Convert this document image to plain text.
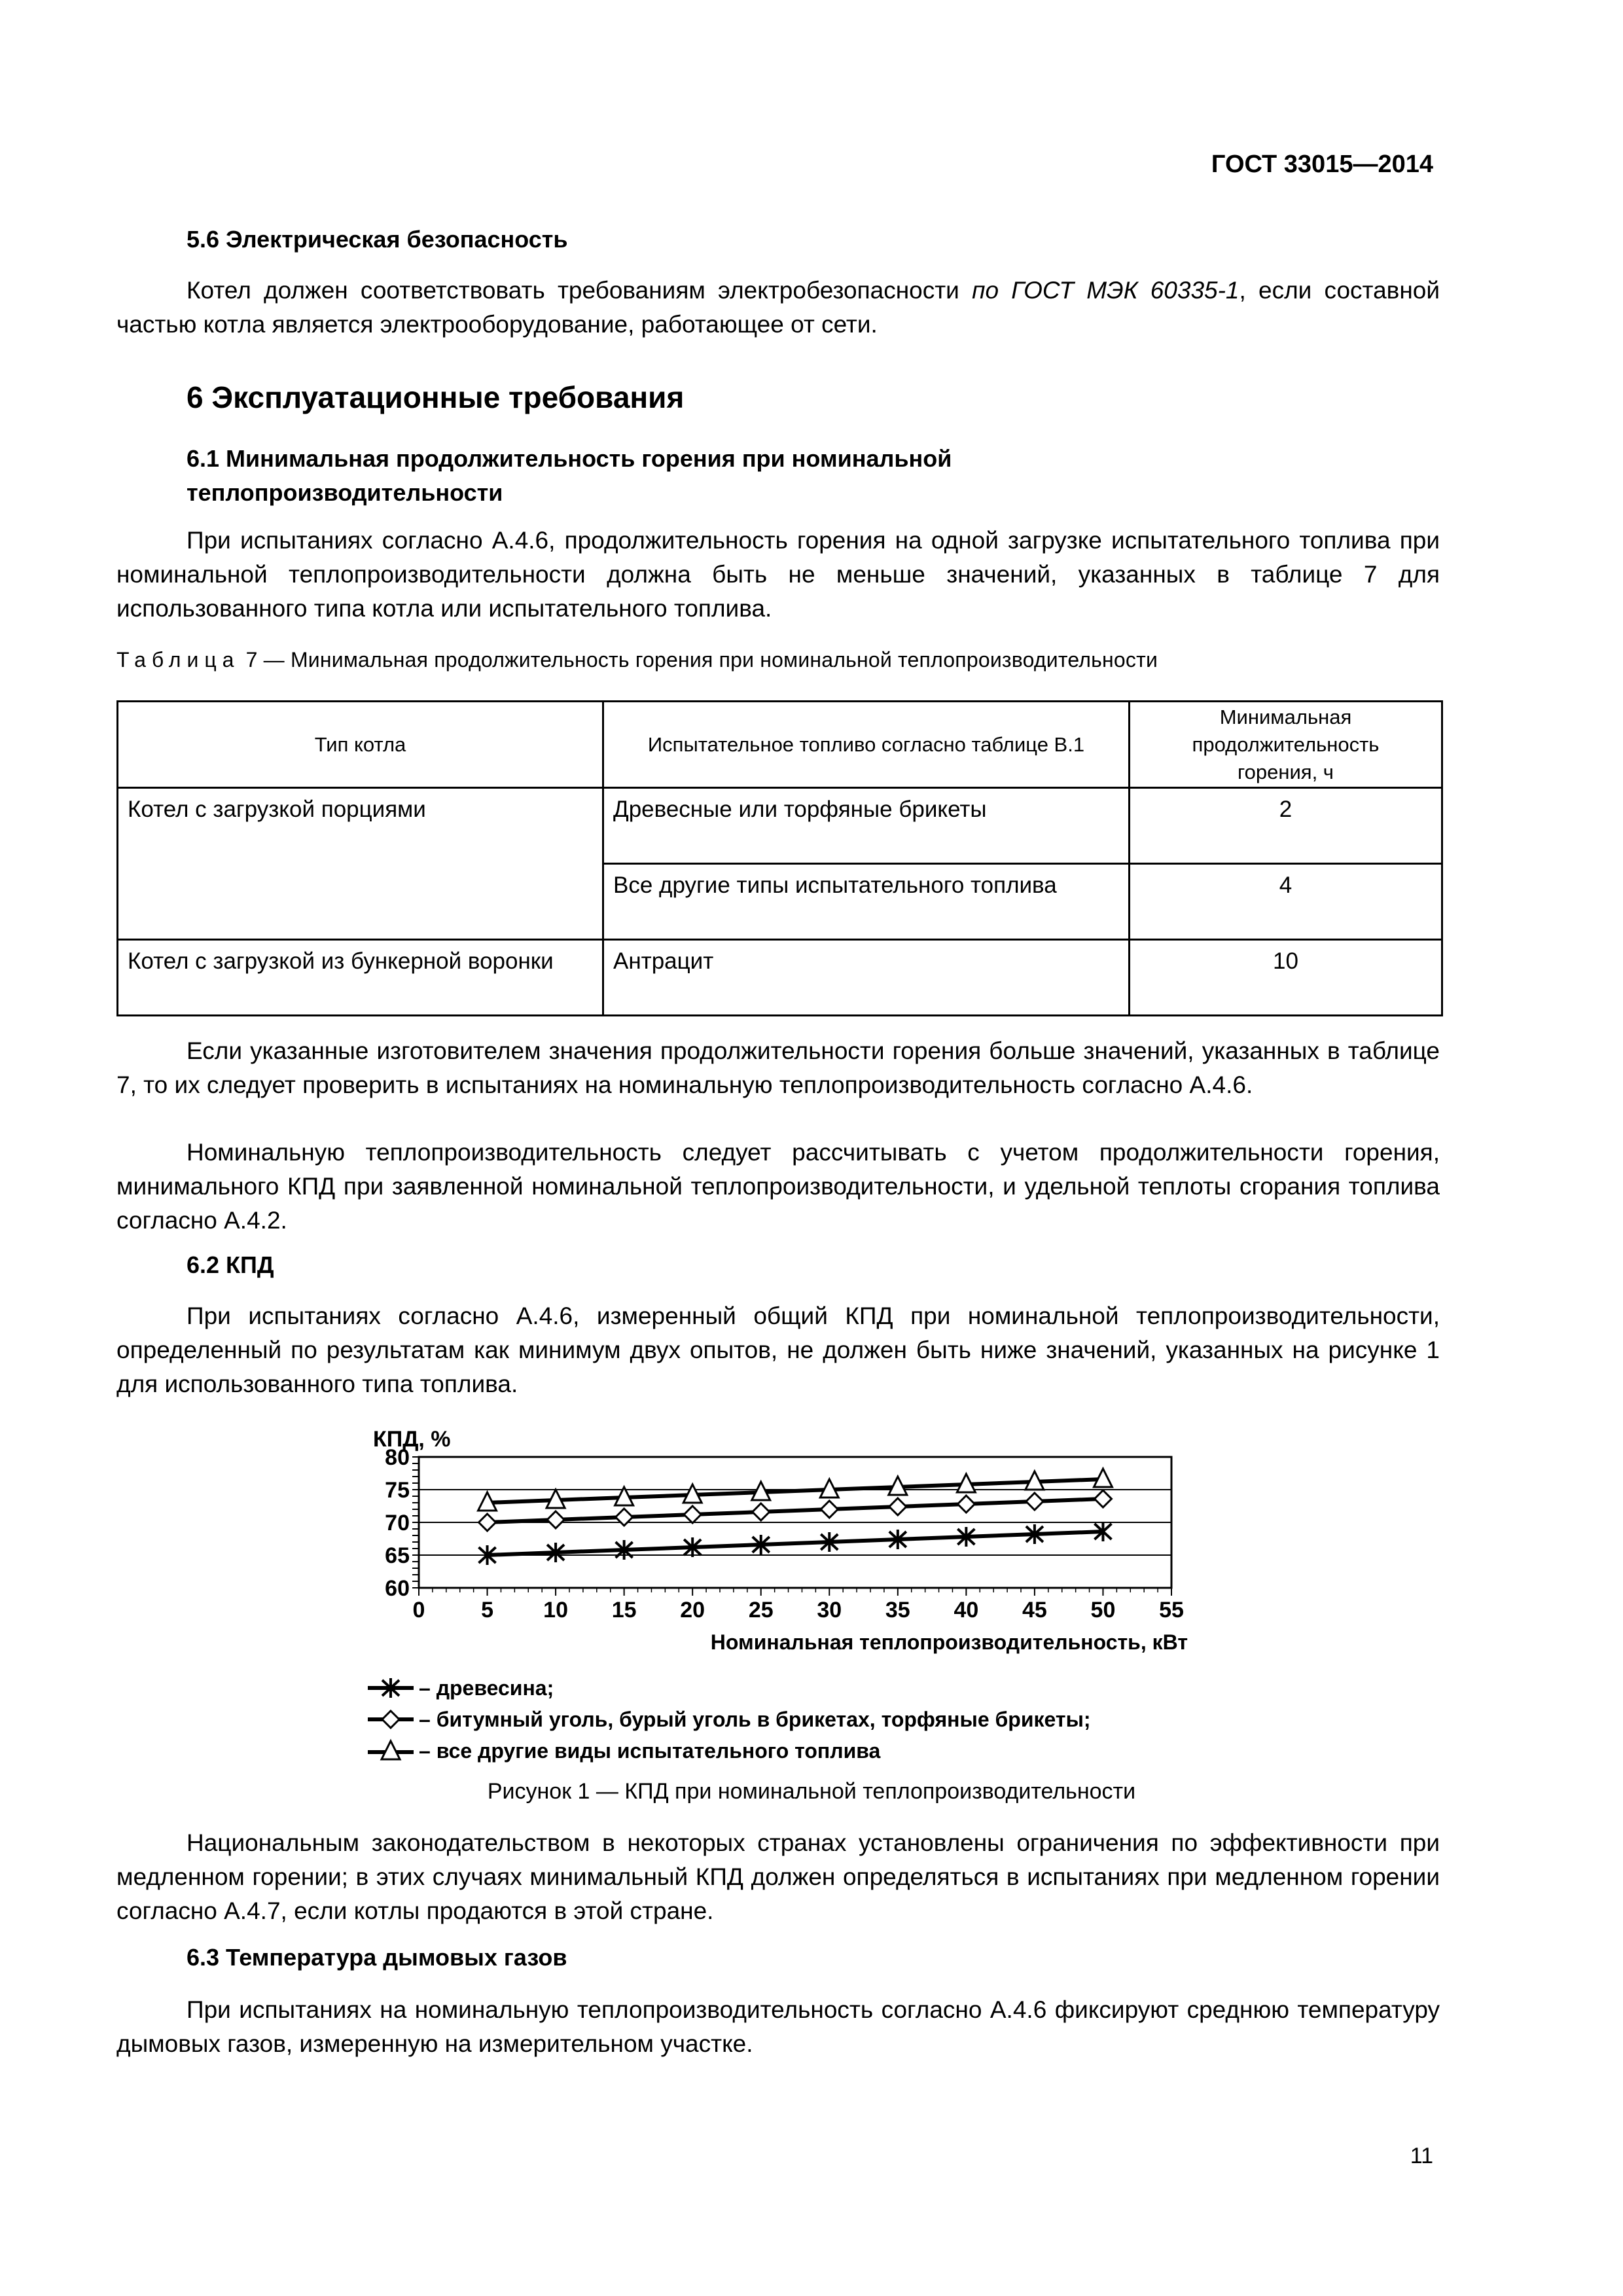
ГОСТ 33015—2014
5.6 Электрическая безопасность
Котел должен соответствовать требованиям электробезопасности по ГОСТ МЭК 60335-1, если составной частью котла является электрооборудование, работающее от сети.
6 Эксплуатационные требования
6.1 Минимальная продолжительность горения при номинальной
теплопроизводительности
При испытаниях согласно А.4.6, продолжительность горения на одной загрузке испытательного топлива при номинальной теплопроизводительности должна быть не меньше значений, указанных в таблице 7 для использованного типа котла или испытательного топлива.
Таблица 7 — Минимальная продолжительность горения при номинальной теплопроизводительности
Тип котла	Испытательное топливо согласно таблице В.1	Минимальная продолжительность горения, ч
Котел с загрузкой порциями	Древесные или торфяные брикеты	2
	Все другие типы испытательного топлива	4
Котел с загрузкой из бункерной воронки	Антрацит	10
Если указанные изготовителем значения продолжительности горения больше значений, указанных в таблице 7, то их следует проверить в испытаниях на номинальную теплопроизводительность согласно А.4.6.
Номинальную теплопроизводительность следует рассчитывать с учетом продолжительности горения, минимального КПД при заявленной номинальной теплопроизводительности, и удельной теплоты сгорания топлива согласно А.4.2.
6.2 КПД
При испытаниях согласно А.4.6, измеренный общий КПД при номинальной теплопроизводительности, определенный по результатам как минимум двух опытов, не должен быть ниже значений, указанных на рисунке 1 для использованного типа топлива.
60
65
70
75
80
0	5 10 15 20 25 30 35 40 45 50 55
КПД, %
Номинальная теплопроизводительность, кВт
– древесина;
– битумный уголь, бурый уголь в брикетах, торфяные брикеты;
– все другие виды испытательного топлива
Рисунок 1 — КПД при номинальной теплопроизводительности
Национальным законодательством в некоторых странах установлены ограничения по эффективности при медленном горении; в этих случаях минимальный КПД должен определяться в испытаниях при медленном горении согласно А.4.7, если котлы продаются в этой стране.
6.3 Температура дымовых газов
При испытаниях на номинальную теплопроизводительность согласно А.4.6 фиксируют среднюю температуру дымовых газов, измеренную на измерительном участке.
11
